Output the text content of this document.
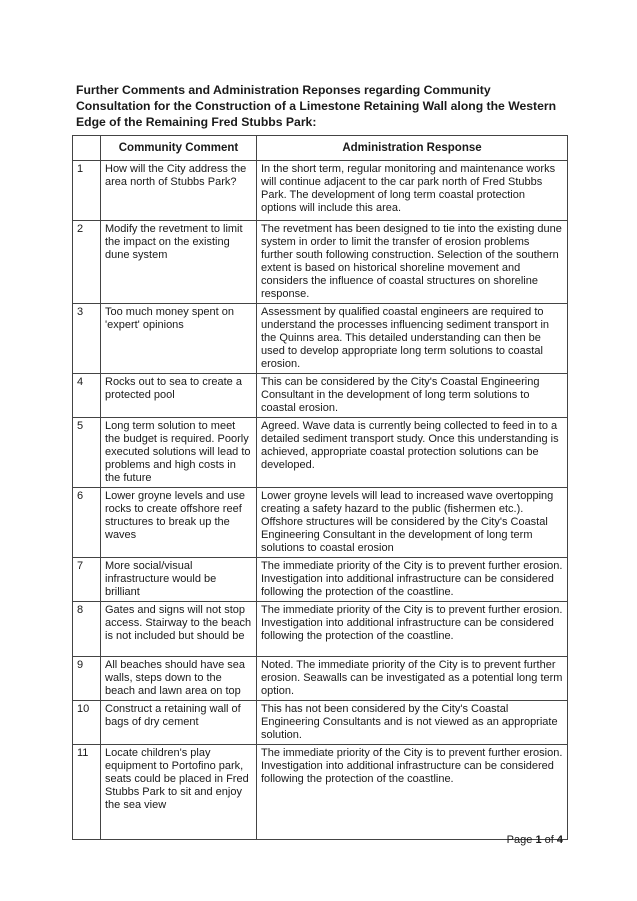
Further Comments and Administration Reponses regarding Community Consultation for the Construction of a Limestone Retaining Wall along the Western Edge of the Remaining Fred Stubbs Park:

	Community Comment	Administration Response
1	How will the City address the area north of Stubbs Park?	In the short term, regular monitoring and maintenance works will continue adjacent to the car park north of Fred Stubbs Park. The development of long term coastal protection options will include this area.
2	Modify the revetment to limit the impact on the existing dune system	The revetment has been designed to tie into the existing dune system in order to limit the transfer of erosion problems further south following construction. Selection of the southern extent is based on historical shoreline movement and considers the influence of coastal structures on shoreline response.
3	Too much money spent on 'expert' opinions	Assessment by qualified coastal engineers are required to understand the processes influencing sediment transport in the Quinns area. This detailed understanding can then be used to develop appropriate long term solutions to coastal erosion.
4	Rocks out to sea to create a protected pool	This can be considered by the City's Coastal Engineering Consultant in the development of long term solutions to coastal erosion.
5	Long term solution to meet the budget is required. Poorly executed solutions will lead to problems and high costs in the future	Agreed. Wave data is currently being collected to feed in to a detailed sediment transport study. Once this understanding is achieved, appropriate coastal protection solutions can be developed.
6	Lower groyne levels and use rocks to create offshore reef structures to break up the waves	Lower groyne levels will lead to increased wave overtopping creating a safety hazard to the public (fishermen etc.). Offshore structures will be considered by the City's Coastal Engineering Consultant in the development of long term solutions to coastal erosion
7	More social/visual infrastructure would be brilliant	The immediate priority of the City is to prevent further erosion. Investigation into additional infrastructure can be considered following the protection of the coastline.
8	Gates and signs will not stop access. Stairway to the beach is not included but should be	The immediate priority of the City is to prevent further erosion. Investigation into additional infrastructure can be considered following the protection of the coastline.
9	All beaches should have sea walls, steps down to the beach and lawn area on top	Noted. The immediate priority of the City is to prevent further erosion. Seawalls can be investigated as a potential long term option.
10	Construct a retaining wall of bags of dry cement	This has not been considered by the City's Coastal Engineering Consultants and is not viewed as an appropriate solution.
11	Locate children's play equipment to Portofino park, seats could be placed in Fred Stubbs Park to sit and enjoy the sea view	The immediate priority of the City is to prevent further erosion. Investigation into additional infrastructure can be considered following the protection of the coastline.
Page 1 of 4
